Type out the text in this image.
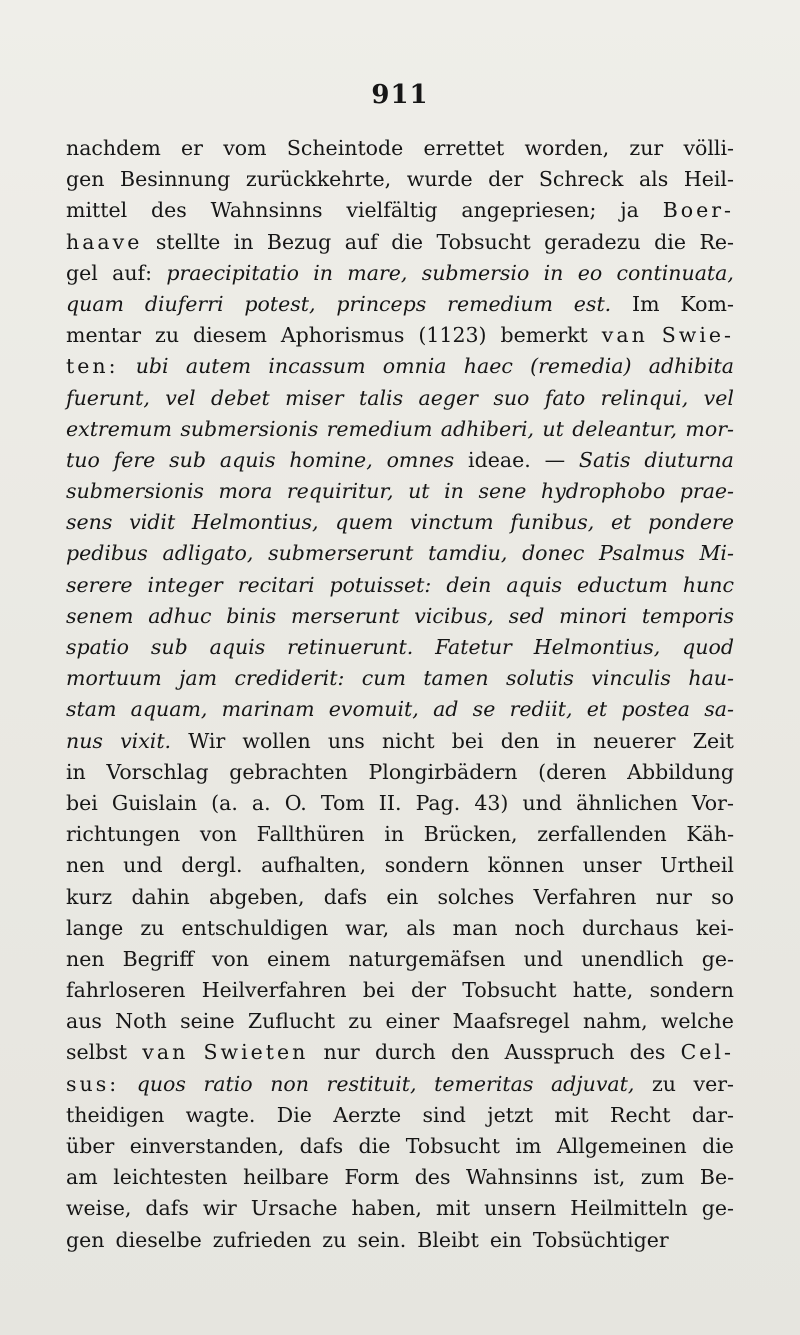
911
nachdem er vom Scheintode errettet worden, zur völli-
gen Besinnung zurückkehrte, wurde der Schreck als Heil-
mittel des Wahnsinns vielfältig angepriesen; ja Boer-
haave stellte in Bezug auf die Tobsucht geradezu die Re-
gel auf: praecipitatio in mare, submersio in eo continuata,
quam diuferri potest, princeps remedium est. Im Kom-
mentar zu diesem Aphorismus (1123) bemerkt van Swie-
ten: ubi autem incassum omnia haec (remedia) adhibita
fuerunt, vel debet miser talis aeger suo fato relinqui, vel
extremum submersionis remedium adhiberi, ut deleantur, mor-
tuo fere sub aquis homine, omnes ideae. — Satis diuturna
submersionis mora requiritur, ut in sene hydrophobo prae-
sens vidit Helmontius, quem vinctum funibus, et pondere
pedibus adligato, submerserunt tamdiu, donec Psalmus Mi-
serere integer recitari potuisset: dein aquis eductum hunc
senem adhuc binis merserunt vicibus, sed minori temporis
spatio sub aquis retinuerunt. Fatetur Helmontius, quod
mortuum jam crediderit: cum tamen solutis vinculis hau-
stam aquam, marinam evomuit, ad se rediit, et postea sa-
nus vixit. Wir wollen uns nicht bei den in neuerer Zeit
in Vorschlag gebrachten Plongirbädern (deren Abbildung
bei Guislain (a. a. O. Tom II. Pag. 43) und ähnlichen Vor-
richtungen von Fallthüren in Brücken, zerfallenden Käh-
nen und dergl. aufhalten, sondern können unser Urtheil
kurz dahin abgeben, dafs ein solches Verfahren nur so
lange zu entschuldigen war, als man noch durchaus kei-
nen Begriff von einem naturgemäfsen und unendlich ge-
fahrloseren Heilverfahren bei der Tobsucht hatte, sondern
aus Noth seine Zuflucht zu einer Maafsregel nahm, welche
selbst van Swieten nur durch den Ausspruch des Cel-
sus: quos ratio non restituit, temeritas adjuvat, zu ver-
theidigen wagte. Die Aerzte sind jetzt mit Recht dar-
über einverstanden, dafs die Tobsucht im Allgemeinen die
am leichtesten heilbare Form des Wahnsinns ist, zum Be-
weise, dafs wir Ursache haben, mit unsern Heilmitteln ge-
gen dieselbe zufrieden zu sein. Bleibt ein Tobsüchtiger
